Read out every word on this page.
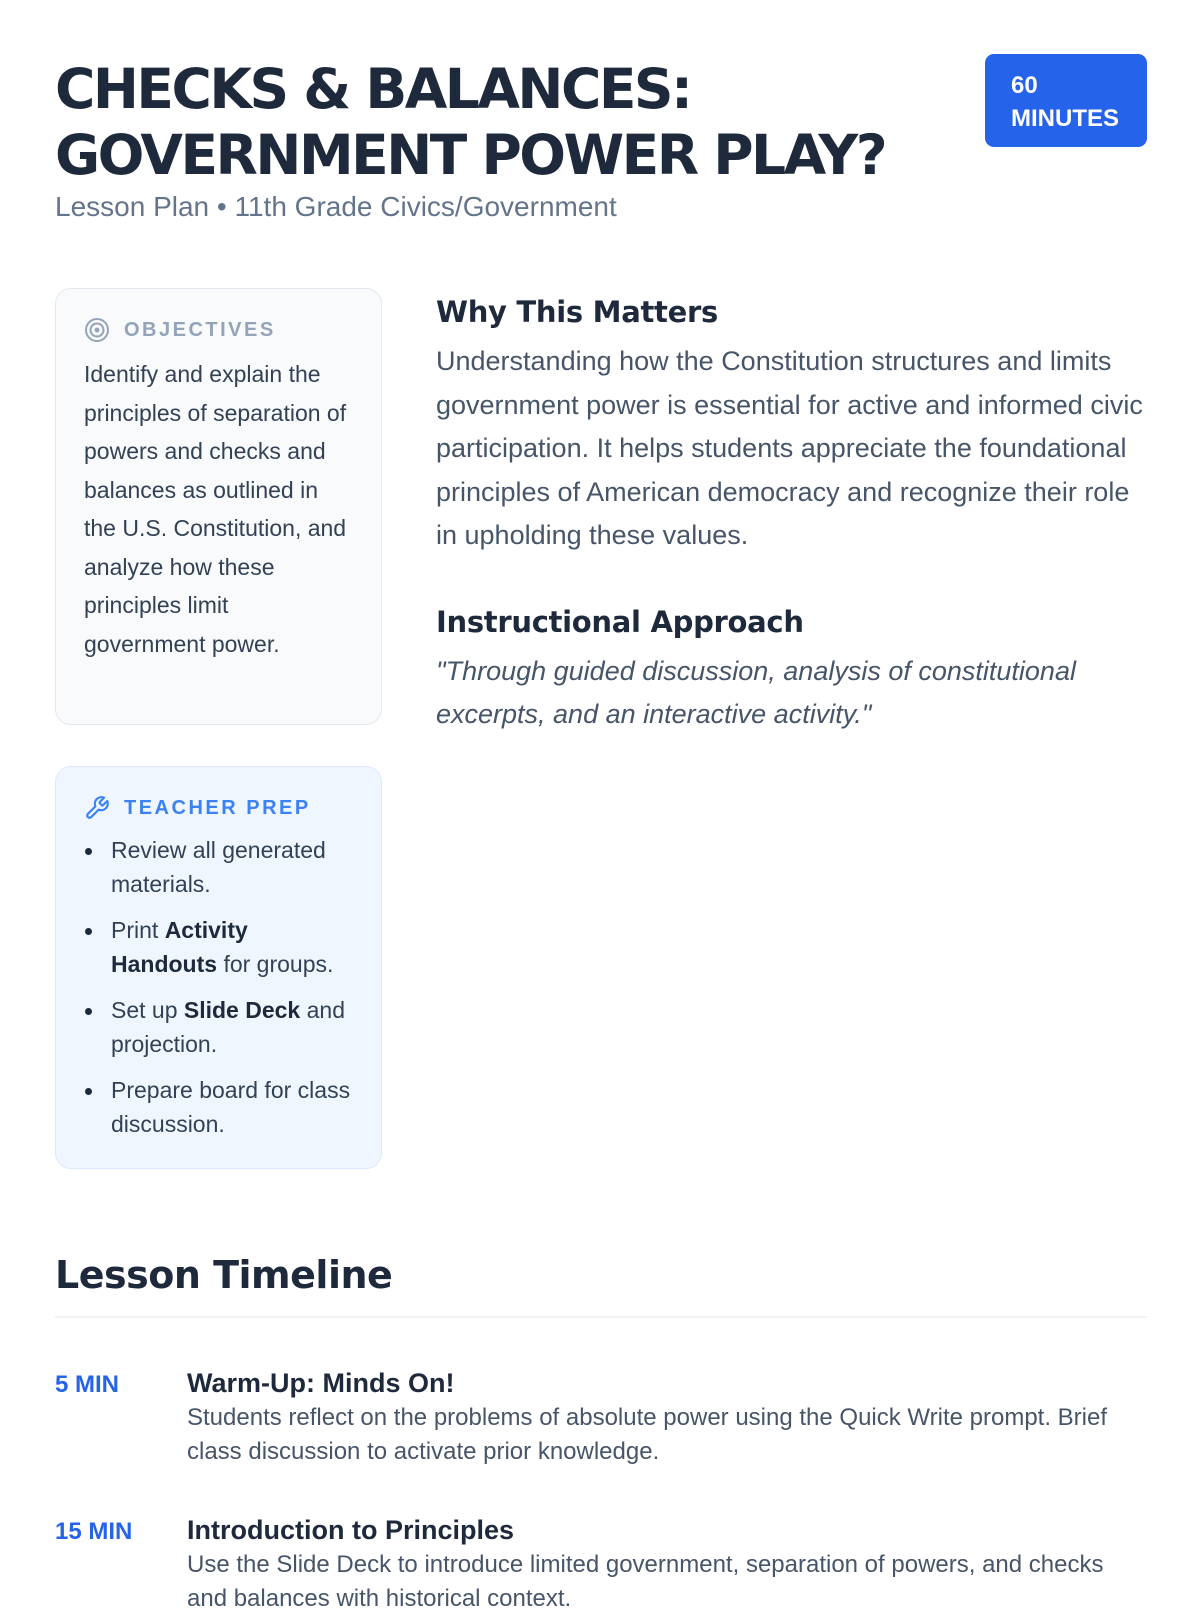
CHECKS & BALANCES: GOVERNMENT POWER PLAY?
Lesson Plan • 11th Grade Civics/Government
60 MINUTES
OBJECTIVES

Identify and explain the principles of separation of powers and checks and balances as outlined in the U.S. Constitution, and analyze how these principles limit government power.

TEACHER PREP
Review all generated materials.
Print Activity Handouts for groups.
Set up Slide Deck and projection.
Prepare board for class discussion.
Why This Matters

Understanding how the Constitution structures and limits government power is essential for active and informed civic participation. It helps students appreciate the foundational principles of American democracy and recognize their role in upholding these values.

Instructional Approach

"Through guided discussion, analysis of constitutional excerpts, and an interactive activity."

Lesson Timeline
5 MIN	Warm-Up: Minds On!
Students reflect on the problems of absolute power using the Quick Write prompt. Brief class discussion to activate prior knowledge.
15 MIN Introduction to Principles
Use the Slide Deck to introduce limited government, separation of powers, and checks and balances with historical context.
